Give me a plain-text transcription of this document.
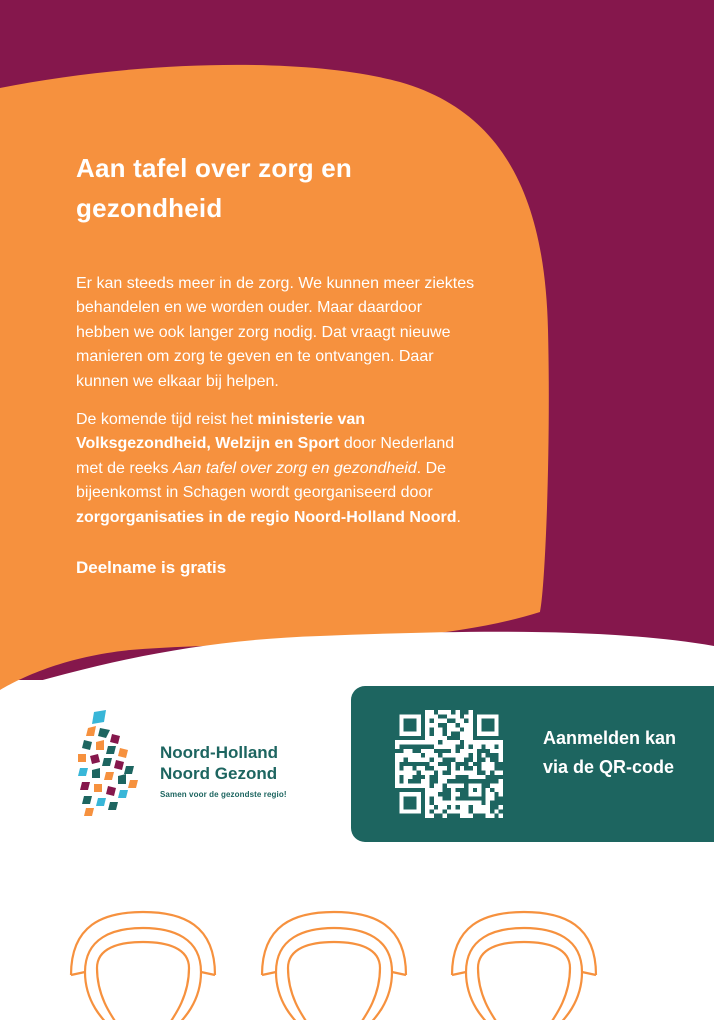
Aan tafel over zorg en gezondheid

Er kan steeds meer in de zorg. We kunnen meer ziektes behandelen en we worden ouder. Maar daardoor hebben we ook langer zorg nodig. Dat vraagt nieuwe manieren om zorg te geven en te ontvangen. Daar kunnen we elkaar bij helpen.

De komende tijd reist het ministerie van Volksgezondheid, Welzijn en Sport door Nederland met de reeks Aan tafel over zorg en gezondheid. De bijeenkomst in Schagen wordt georganiseerd door zorgorganisaties in de regio Noord-Holland Noord.

Deelname is gratis

Noord-Holland
Noord Gezond
Samen voor de gezondste regio!
Aanmelden kan via de QR-code
